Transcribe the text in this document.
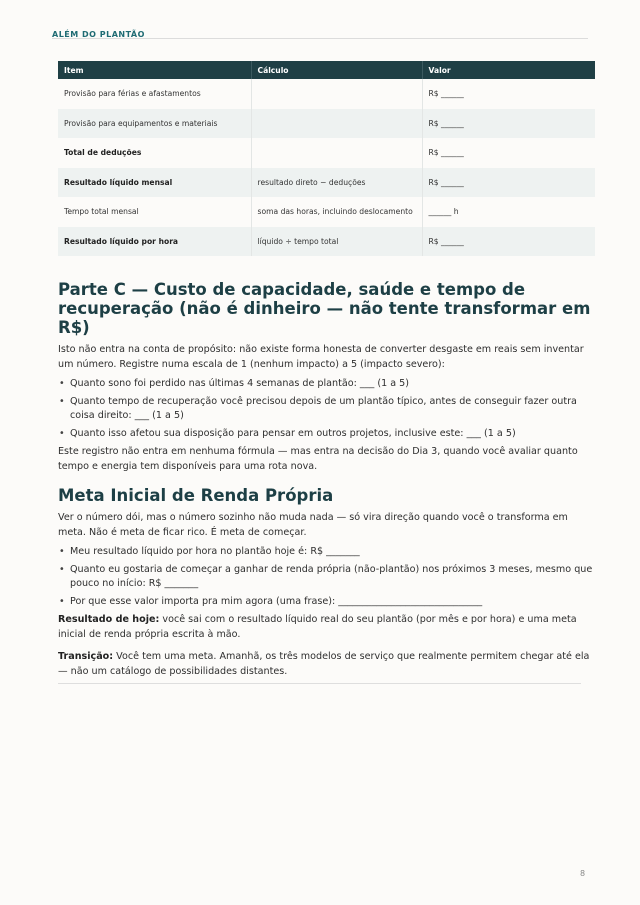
ALÉM DO PLANTÃO
Item	Cálculo	Valor
Provisão para férias e afastamentos		R$ ______
Provisão para equipamentos e materiais		R$ ______
Total de deduções		R$ ______
Resultado líquido mensal	resultado direto − deduções	R$ ______
Tempo total mensal	soma das horas, incluindo deslocamento	______ h
Resultado líquido por hora	líquido ÷ tempo total	R$ ______
Parte C — Custo de capacidade, saúde e tempo de recuperação (não é dinheiro — não tente transformar em R$)

Isto não entra na conta de propósito: não existe forma honesta de converter desgaste em reais sem inventar um número. Registre numa escala de 1 (nenhum impacto) a 5 (impacto severo):

• Quanto sono foi perdido nas últimas 4 semanas de plantão: ___ (1 a 5)
• Quanto tempo de recuperação você precisou depois de um plantão típico, antes de conseguir fazer outra coisa direito: ___ (1 a 5)
• Quanto isso afetou sua disposição para pensar em outros projetos, inclusive este: ___ (1 a 5)

Este registro não entra em nenhuma fórmula — mas entra na decisão do Dia 3, quando você avaliar quanto tempo e energia tem disponíveis para uma rota nova.

Meta Inicial de Renda Própria

Ver o número dói, mas o número sozinho não muda nada — só vira direção quando você o transforma em meta. Não é meta de ficar rico. É meta de começar.

• Meu resultado líquido por hora no plantão hoje é: R$ _______
• Quanto eu gostaria de começar a ganhar de renda própria (não-plantão) nos próximos 3 meses, mesmo que pouco no início: R$ _______
• Por que esse valor importa pra mim agora (uma frase): ______________________________

Resultado de hoje: você sai com o resultado líquido real do seu plantão (por mês e por hora) e uma meta inicial de renda própria escrita à mão.

Transição: Você tem uma meta. Amanhã, os três modelos de serviço que realmente permitem chegar até ela — não um catálogo de possibilidades distantes.

8
